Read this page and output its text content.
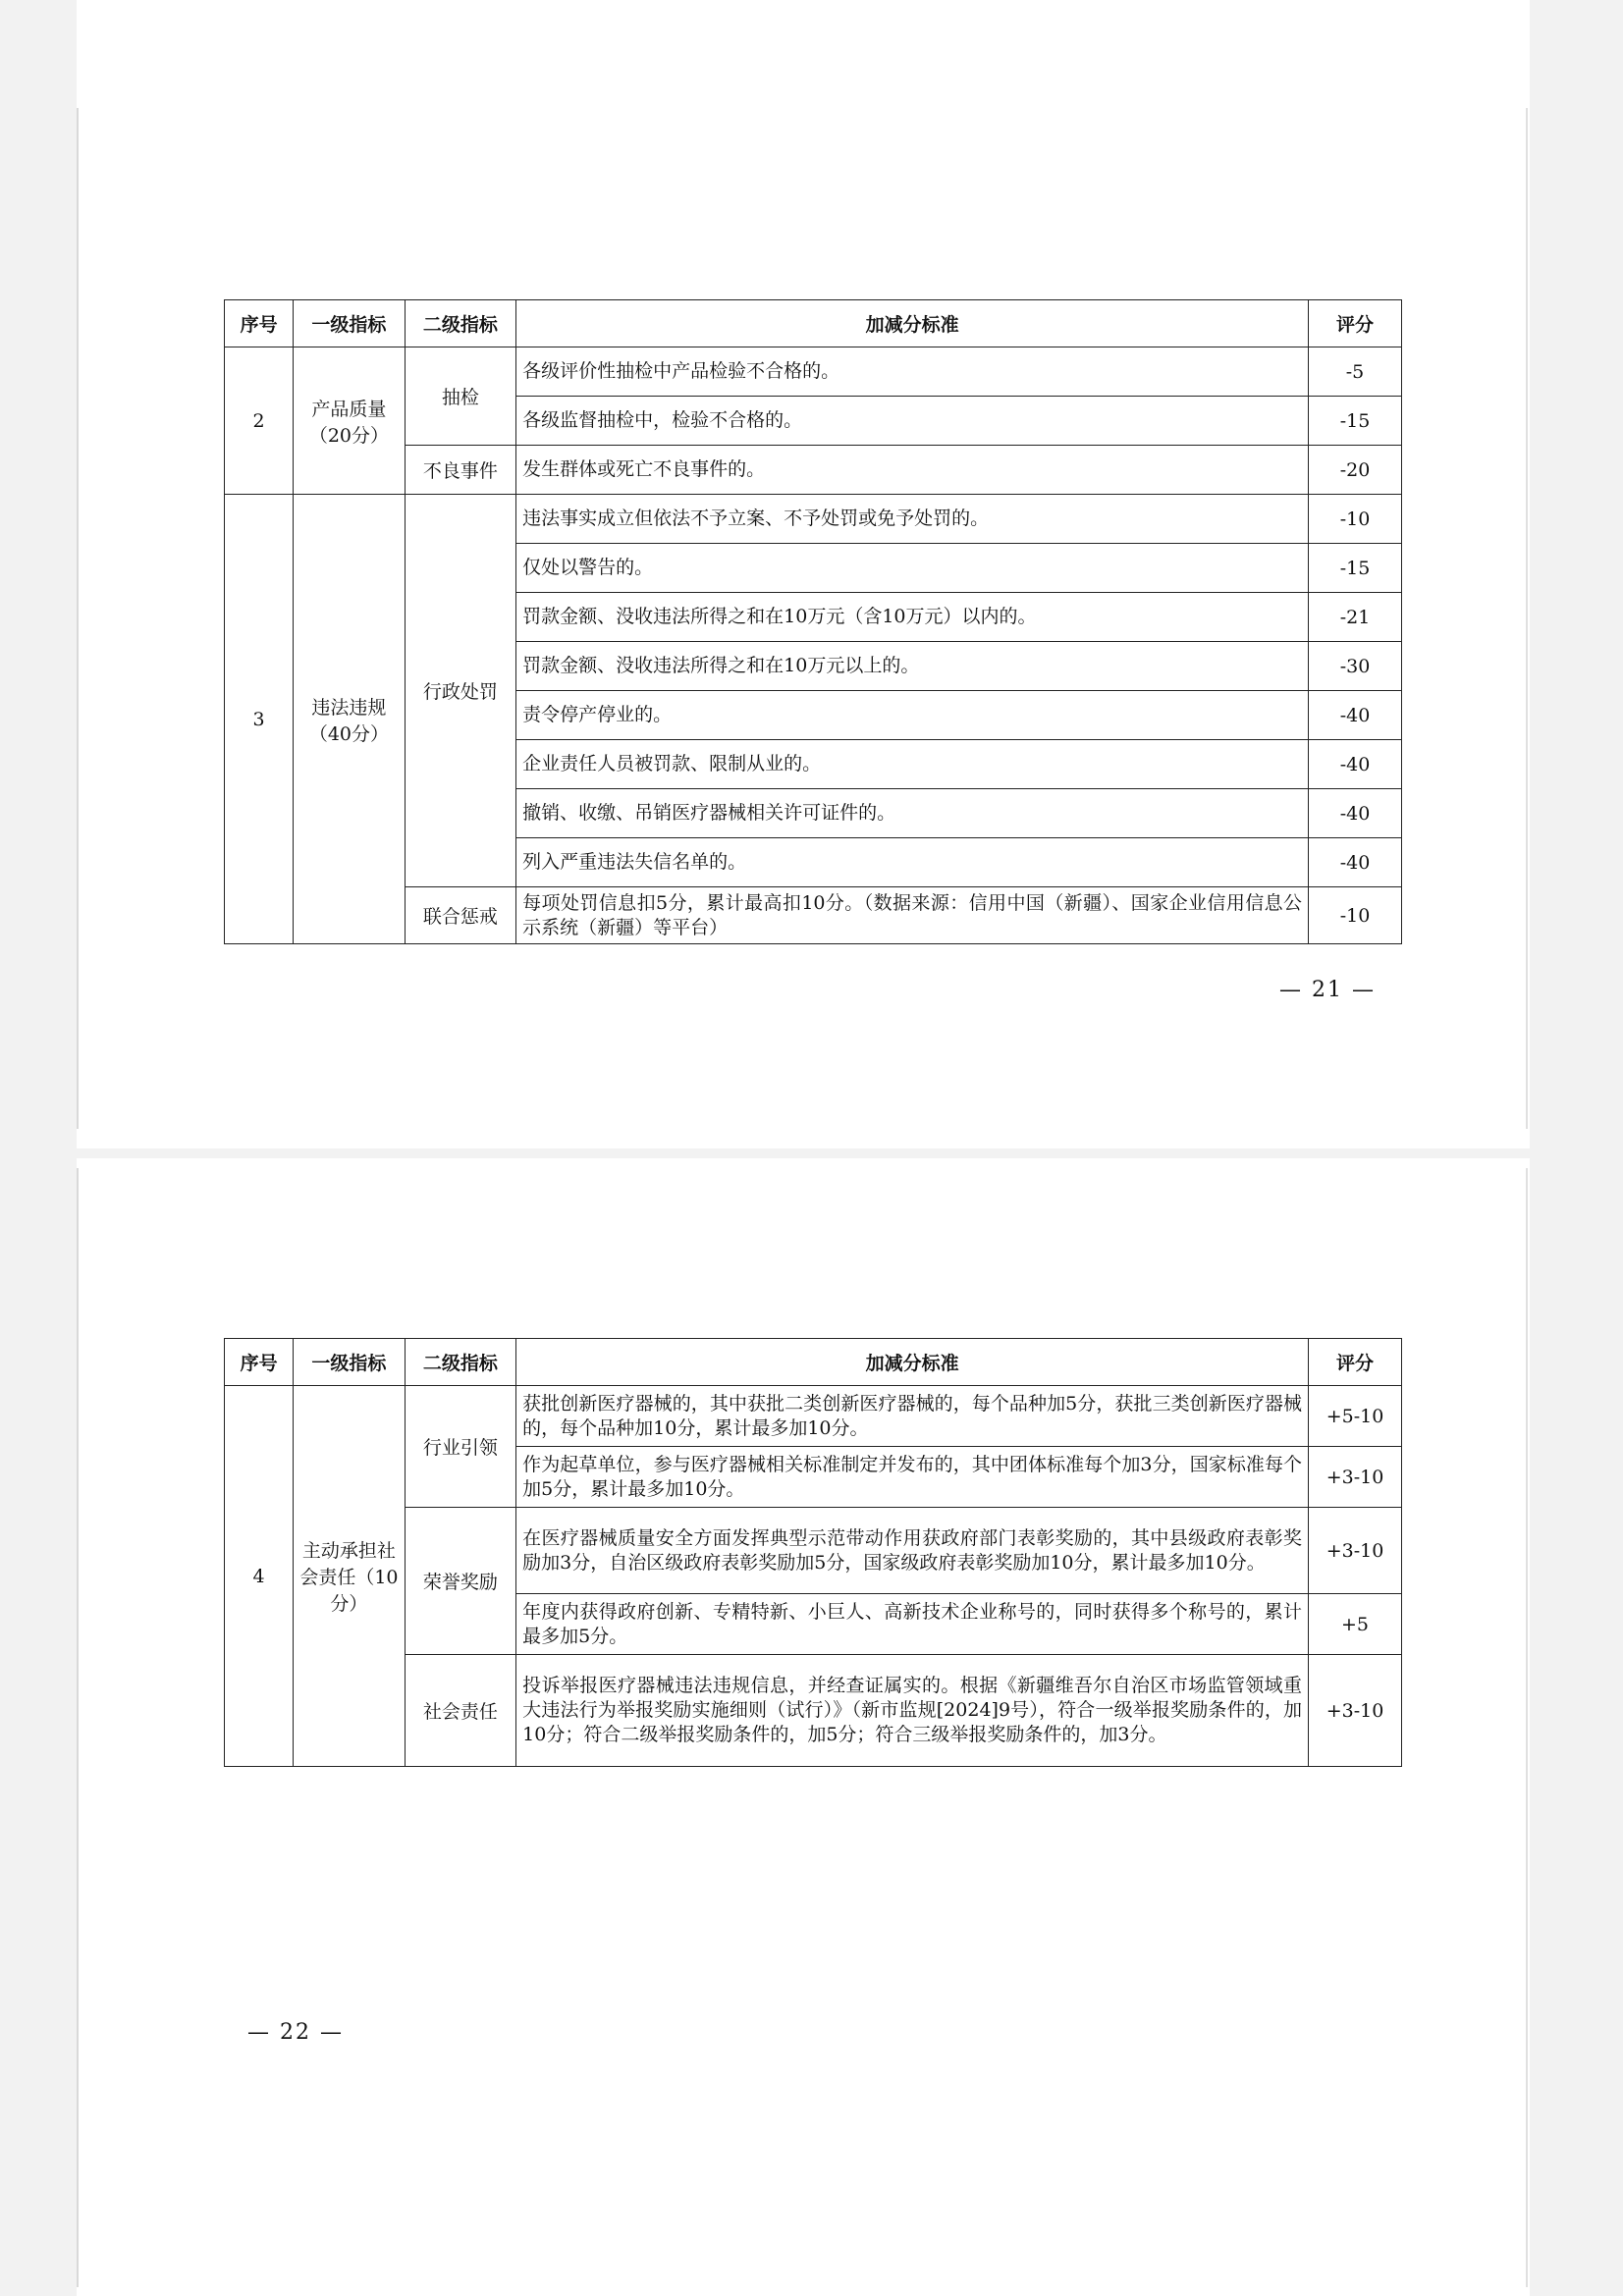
序号	一级指标	二级指标	加减分标准	评分
2	产品质量（20分）	抽检	各级评价性抽检中产品检验不合格的。	-5
			各级监督抽检中，检验不合格的。	-15
		不良事件	发生群体或死亡不良事件的。	-20
3	违法违规（40分）	行政处罚	违法事实成立但依法不予立案、不予处罚或免予处罚的。	-10
			仅处以警告的。	-15
			罚款金额、没收违法所得之和在10万元（含10万元）以内的。	-21
			罚款金额、没收违法所得之和在10万元以上的。	-30
			责令停产停业的。	-40
			企业责任人员被罚款、限制从业的。	-40
			撤销、收缴、吊销医疗器械相关许可证件的。	-40
			列入严重违法失信名单的。	-40
		联合惩戒	每项处罚信息扣5分，累计最高扣10分。（数据来源：信用中国（新疆）、国家企业信用信息公示系统（新疆）等平台）	-10
— 21 —
序号	一级指标	二级指标	加减分标准	评分
4	主动承担社会责任（10分）	行业引领	获批创新医疗器械的，其中获批二类创新医疗器械的，每个品种加5分，获批三类创新医疗器械的，每个品种加10分，累计最多加10分。	+5-10
			作为起草单位，参与医疗器械相关标准制定并发布的，其中团体标准每个加3分，国家标准每个加5分，累计最多加10分。	+3-10
		荣誉奖励	在医疗器械质量安全方面发挥典型示范带动作用获政府部门表彰奖励的，其中县级政府表彰奖励加3分，自治区级政府表彰奖励加5分，国家级政府表彰奖励加10分，累计最多加10分。	+3-10
			年度内获得政府创新、专精特新、小巨人、高新技术企业称号的，同时获得多个称号的，累计最多加5分。	+5
		社会责任	投诉举报医疗器械违法违规信息，并经查证属实的。根据《新疆维吾尔自治区市场监管领域重大违法行为举报奖励实施细则（试行）》（新市监规[2024]9号），符合一级举报奖励条件的，加10分；符合二级举报奖励条件的，加5分；符合三级举报奖励条件的，加3分。	+3-10
— 22 —
